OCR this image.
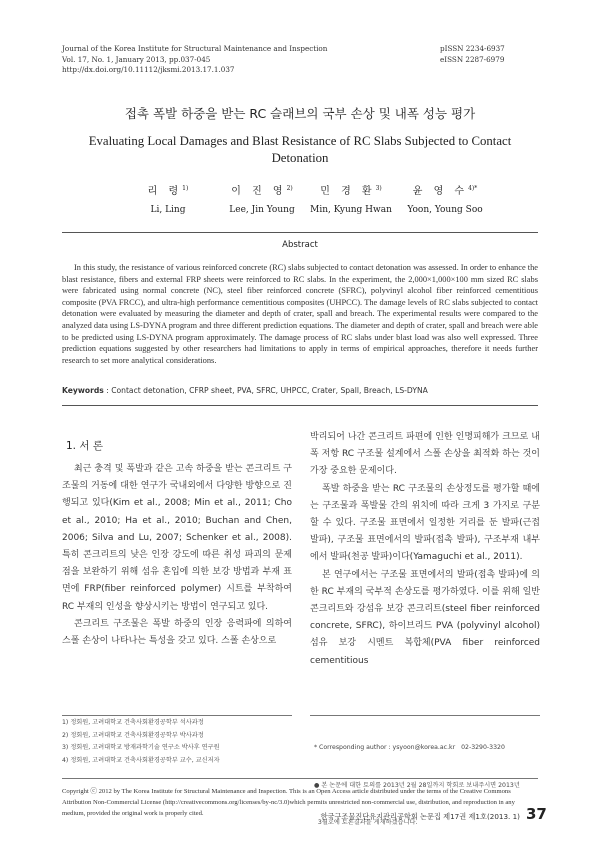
Journal of the Korea Institute for Structural Maintenance and Inspection
Vol. 17, No. 1, January 2013, pp.037-045
http://dx.doi.org/10.11112/jksmi.2013.17.1.037
pISSN 2234-6937
eISSN 2287-6979
접촉 폭발 하중을 받는 RC 슬래브의 국부 손상 및 내폭 성능 평가
Evaluating Local Damages and Blast Resistance of RC Slabs Subjected to Contact Detonation
리 령$^{1)}$
Li, Ling
이 진 영$^{2)}$
Lee, Jin Young
민 경 환$^{3)}$
Min, Kyung Hwan
윤 영 수$^{4)*}$
Yoon, Young Soo
Abstract
In this study, the resistance of various reinforced concrete (RC) slabs subjected to contact detonation was assessed. In order to enhance the blast resistance, fibers and external FRP sheets were reinforced to RC slabs. In the experiment, the 2,000×1,000×100 mm sized RC slabs were fabricated using normal concrete (NC), steel fiber reinforced concrete (SFRC), polyvinyl alcohol fiber reinforced cementitious composite (PVA FRCC), and ultra-high performance cementitious composites (UHPCC). The damage levels of RC slabs subjected to contact detonation were evaluated by measuring the diameter and depth of crater, spall and breach. The experimental results were compared to the analyzed data using LS-DYNA program and three different prediction equations. The diameter and depth of crater, spall and breach were able to be predicted using LS-DYNA program approximately. The damage process of RC slabs under blast load was also well expressed. Three prediction equations suggested by other researchers had limitations to apply in terms of empirical approaches, therefore it needs further research to set more analytical considerations.
Keywords : Contact detonation, CFRP sheet, PVA, SFRC, UHPCC, Crater, Spall, Breach, LS-DYNA
1. 서 론

최근 충격 및 폭발과 같은 고속 하중을 받는 콘크리트 구조물의 거동에 대한 연구가 국내외에서 다양한 방향으로 진행되고 있다(Kim et al., 2008; Min et al., 2011; Cho et al., 2010; Ha et al., 2010; Buchan and Chen, 2006; Silva and Lu, 2007; Schenker et al., 2008). 특히 콘크리트의 낮은 인장 강도에 따른 취성 파괴의 문제점을 보완하기 위해 섬유 혼입에 의한 보강 방법과 부재 표면에 FRP(fiber reinforced polymer) 시트를 부착하여 RC 부재의 인성을 향상시키는 방법이 연구되고 있다.

콘크리트 구조물은 폭발 하중의 인장 응력파에 의하여 스폴 손상이 나타나는 특성을 갖고 있다. 스폴 손상으로

박리되어 나간 콘크리트 파편에 인한 인명피해가 크므로 내폭 저항 RC 구조물 설계에서 스폴 손상을 최적화 하는 것이 가장 중요한 문제이다.

폭발 하중을 받는 RC 구조물의 손상정도를 평가할 때에는 구조물과 폭발물 간의 위치에 따라 크게 3 가지로 구분 할 수 있다. 구조물 표면에서 일정한 거리를 둔 발파(근접 발파), 구조물 표면에서의 발파(접촉 발파), 구조부재 내부에서 발파(천공 발파)이다(Yamaguchi et al., 2011).

본 연구에서는 구조물 표면에서의 발파(접촉 발파)에 의한 RC 부재의 국부적 손상도를 평가하였다. 이를 위해 일반 콘크리트와 강섬유 보강 콘크리트(steel fiber reinforced concrete, SFRC), 하이브리드 PVA (polyvinyl alcohol) 섬유 보강 시멘트 복합체(PVA fiber reinforced cementitious

1) 정회원, 고려대학교 건축사회환경공학부 석사과정
2) 정회원, 고려대학교 건축사회환경공학부 박사과정
3) 정회원, 고려대학교 방재과학기술 연구소 박사후 연구원
4) 정회원, 고려대학교 건축사회환경공학부 교수, 교신저자

* Corresponding author : ysyoon@korea.ac.kr   02-3290-3320

● 본 논문에 대한 토의를 2013년 2월 28일까지 학회로 보내주시면 2013년

3월호에 토론결과를 게재하겠습니다.

Copyright ⓒ 2012 by The Korea Institute for Structural Maintenance and Inspection. This is an Open Access article distributed under the terms of the Creative Commons Attribution Non-Commercial License (http://creativecommons.org/licenses/by-nc/3.0)which permits unrestricted non-commercial use, distribution, and reproduction in any medium, provided the original work is properly cited.	한국구조물진단유지관리공학회 논문집 제17권 제1호(2013. 1) 37
